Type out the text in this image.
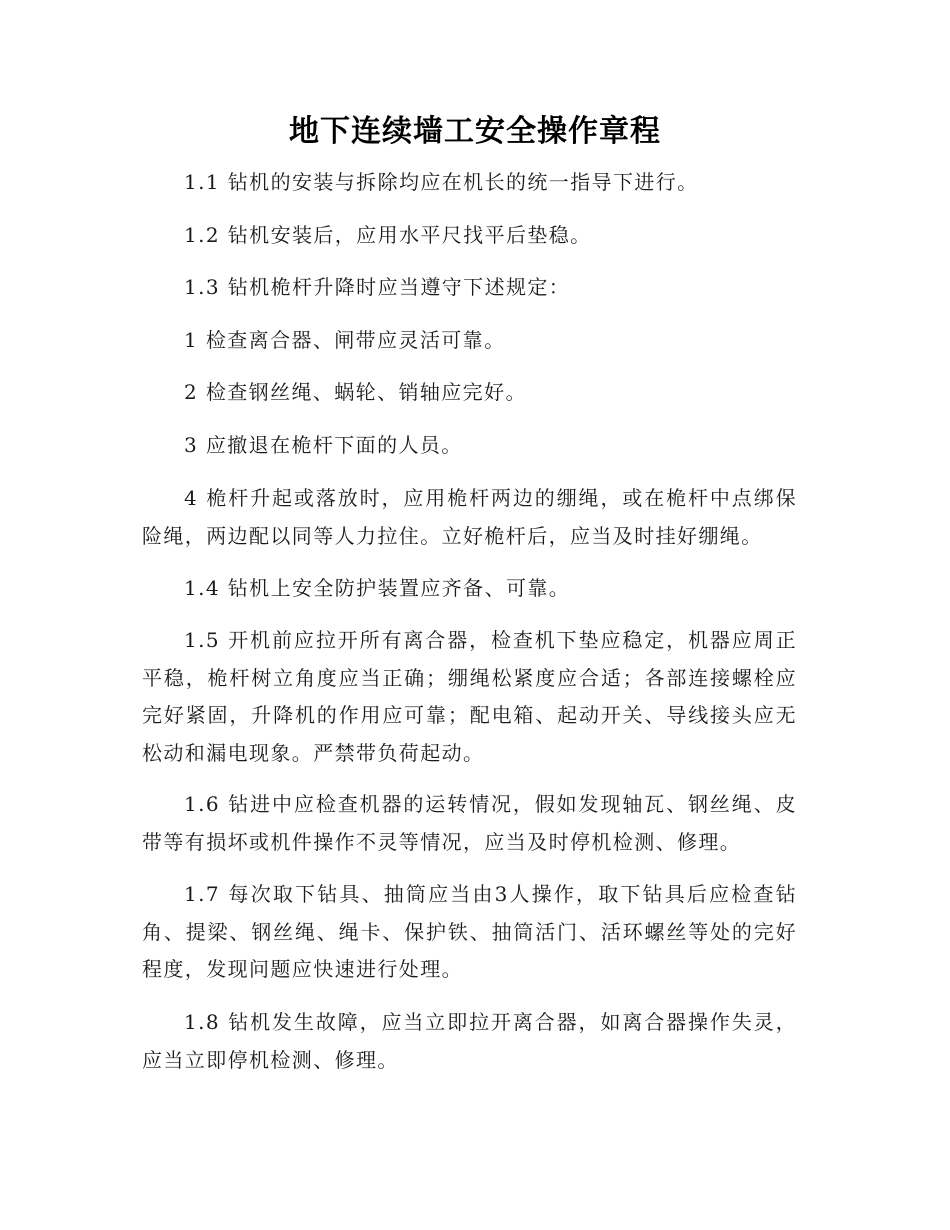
地下连续墙工安全操作章程

1.1 钻机的安装与拆除均应在机长的统一指导下进行。

1.2 钻机安装后，应用水平尺找平后垫稳。

1.3 钻机桅杆升降时应当遵守下述规定：

1 检查离合器、闸带应灵活可靠。

2 检查钢丝绳、蜗轮、销轴应完好。

3 应撤退在桅杆下面的人员。

4 桅杆升起或落放时，应用桅杆两边的绷绳，或在桅杆中点绑保险绳，两边配以同等人力拉住。立好桅杆后，应当及时挂好绷绳。

1.4 钻机上安全防护装置应齐备、可靠。

1.5 开机前应拉开所有离合器，检查机下垫应稳定，机器应周正平稳，桅杆树立角度应当正确；绷绳松紧度应合适；各部连接螺栓应完好紧固，升降机的作用应可靠；配电箱、起动开关、导线接头应无松动和漏电现象。严禁带负荷起动。

1.6 钻进中应检查机器的运转情况，假如发现轴瓦、钢丝绳、皮带等有损坏或机件操作不灵等情况，应当及时停机检测、修理。

1.7 每次取下钻具、抽筒应当由3人操作，取下钻具后应检查钻角、提梁、钢丝绳、绳卡、保护铁、抽筒活门、活环螺丝等处的完好程度，发现问题应快速进行处理。

1.8 钻机发生故障，应当立即拉开离合器，如离合器操作失灵，应当立即停机检测、修理。
